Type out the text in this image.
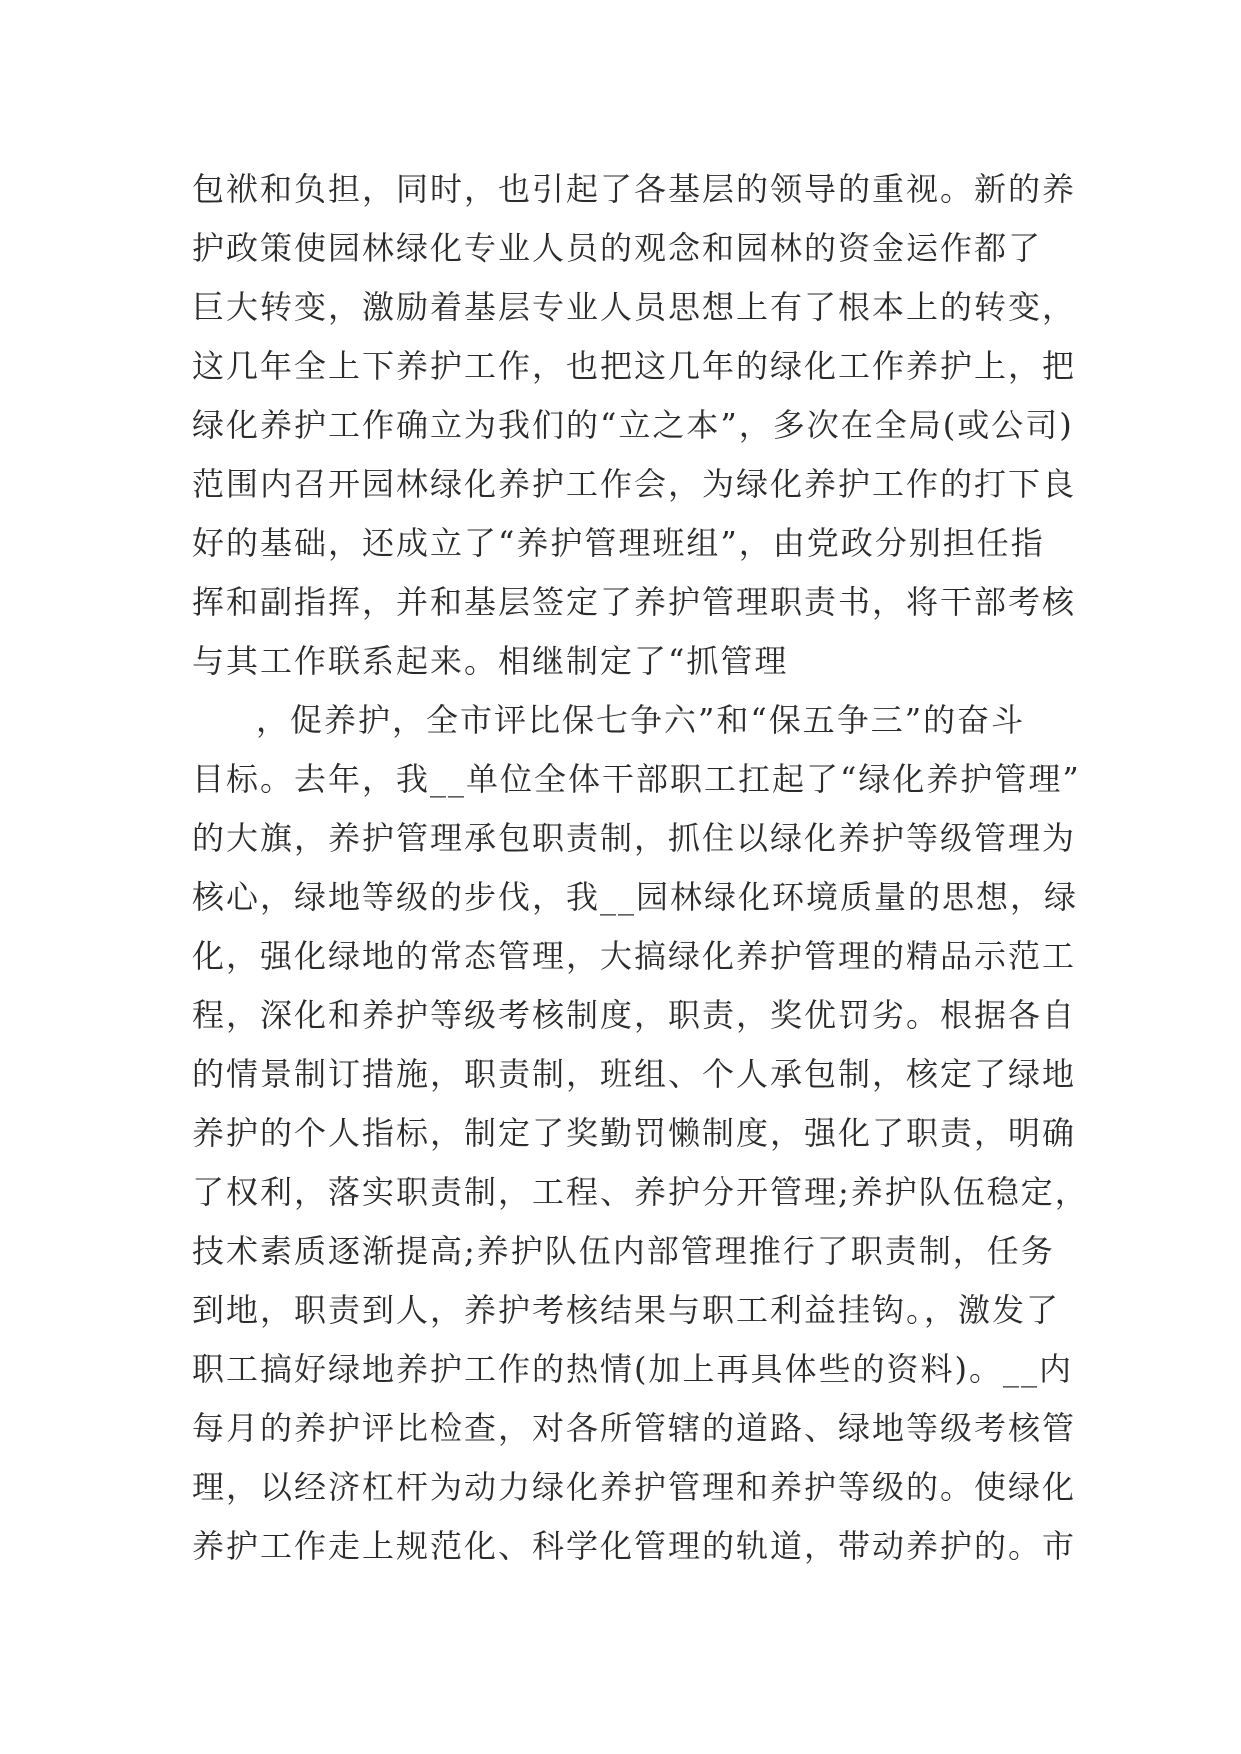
包袱和负担，同时，也引起了各基层的领导的重视。新的养
护政策使园林绿化专业人员的观念和园林的资金运作都了
巨大转变，激励着基层专业人员思想上有了根本上的转变，
这几年全上下养护工作，也把这几年的绿化工作养护上，把
绿化养护工作确立为我们的“立之本”，多次在全局(或公司)
范围内召开园林绿化养护工作会，为绿化养护工作的打下良
好的基础，还成立了“养护管理班组”，由党政分别担任指
挥和副指挥，并和基层签定了养护管理职责书，将干部考核
与其工作联系起来。相继制定了“抓管理
，促养护，全市评比保七争六”和“保五争三”的奋斗
目标。去年，我__单位全体干部职工扛起了“绿化养护管理”
的大旗，养护管理承包职责制，抓住以绿化养护等级管理为
核心，绿地等级的步伐，我__园林绿化环境质量的思想，绿
化，强化绿地的常态管理，大搞绿化养护管理的精品示范工
程，深化和养护等级考核制度，职责，奖优罚劣。根据各自
的情景制订措施，职责制，班组、个人承包制，核定了绿地
养护的个人指标，制定了奖勤罚懒制度，强化了职责，明确
了权利，落实职责制，工程、养护分开管理;养护队伍稳定，
技术素质逐渐提高;养护队伍内部管理推行了职责制，任务
到地，职责到人，养护考核结果与职工利益挂钩。，激发了
职工搞好绿地养护工作的热情(加上再具体些的资料)。__内
每月的养护评比检查，对各所管辖的道路、绿地等级考核管
理，以经济杠杆为动力绿化养护管理和养护等级的。使绿化
养护工作走上规范化、科学化管理的轨道，带动养护的。市
